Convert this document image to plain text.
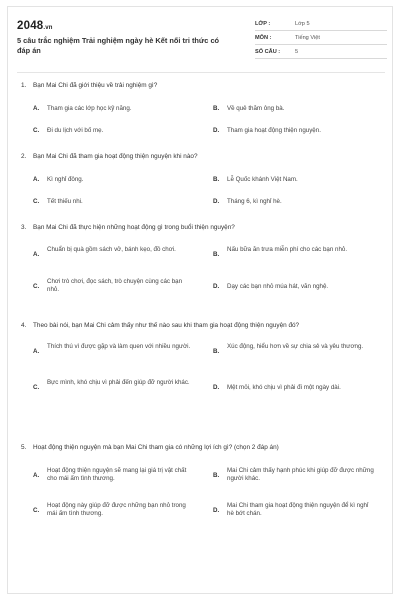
2048.vn
5 câu trắc nghiệm Trải nghiệm ngày hè Kết nối tri thức có đáp án
LỚP :	Lớp 5
MÔN :	Tiếng Việt
SỐ CÂU :	5
1. Bạn Mai Chi đã giới thiệu về trải nghiệm gì?
A. Tham gia các lớp học kỹ năng.	B. Về quê thăm ông bà.
C. Đi du lịch với bố mẹ.	D. Tham gia hoạt động thiện nguyện.
2. Bạn Mai Chi đã tham gia hoạt động thiện nguyện khi nào?
A. Kì nghỉ đông.	B. Lễ Quốc khánh Việt Nam.
C. Tết thiếu nhi.	D. Tháng 6, kì nghỉ hè.
3. Bạn Mai Chi đã thực hiện những hoạt động gì trong buổi thiện nguyện?
A.
Chuẩn bị quà gồm sách vở, bánh kẹo, đồ chơi.
B.
Nấu bữa ăn trưa miễn phí cho các bạn nhỏ.
C.
Chơi trò chơi, đọc sách, trò chuyện cùng các bạn nhỏ.	D. Dạy các bạn nhỏ múa hát, văn nghệ.
4. Theo bài nói, bạn Mai Chi cảm thấy như thế nào sau khi tham gia hoạt động thiện nguyện đó?
A.
Thích thú vì được gặp và làm quen với nhiều người.
B.
Xúc động, hiểu hơn về sự chia sẻ và yêu thương.
C.
Bực mình, khó chịu vì phải đến giúp đỡ người khác.
D. Mệt mỏi, khó chịu vì phải đi một ngày dài.
5. Hoạt động thiện nguyện mà bạn Mai Chi tham gia có những lợi ích gì? (chọn 2 đáp án)
A.
Hoạt động thiện nguyện sẽ mang lại giá trị vật chất cho mái ấm tình thương.	B.
Mai Chi cảm thấy hạnh phúc khi giúp đỡ được những người khác.
C.
Hoạt động này giúp đỡ được những bạn nhỏ trong mái ấm tình thương.	D.
Mai Chi tham gia hoạt động thiện nguyện để kì nghỉ hè bớt chán.
